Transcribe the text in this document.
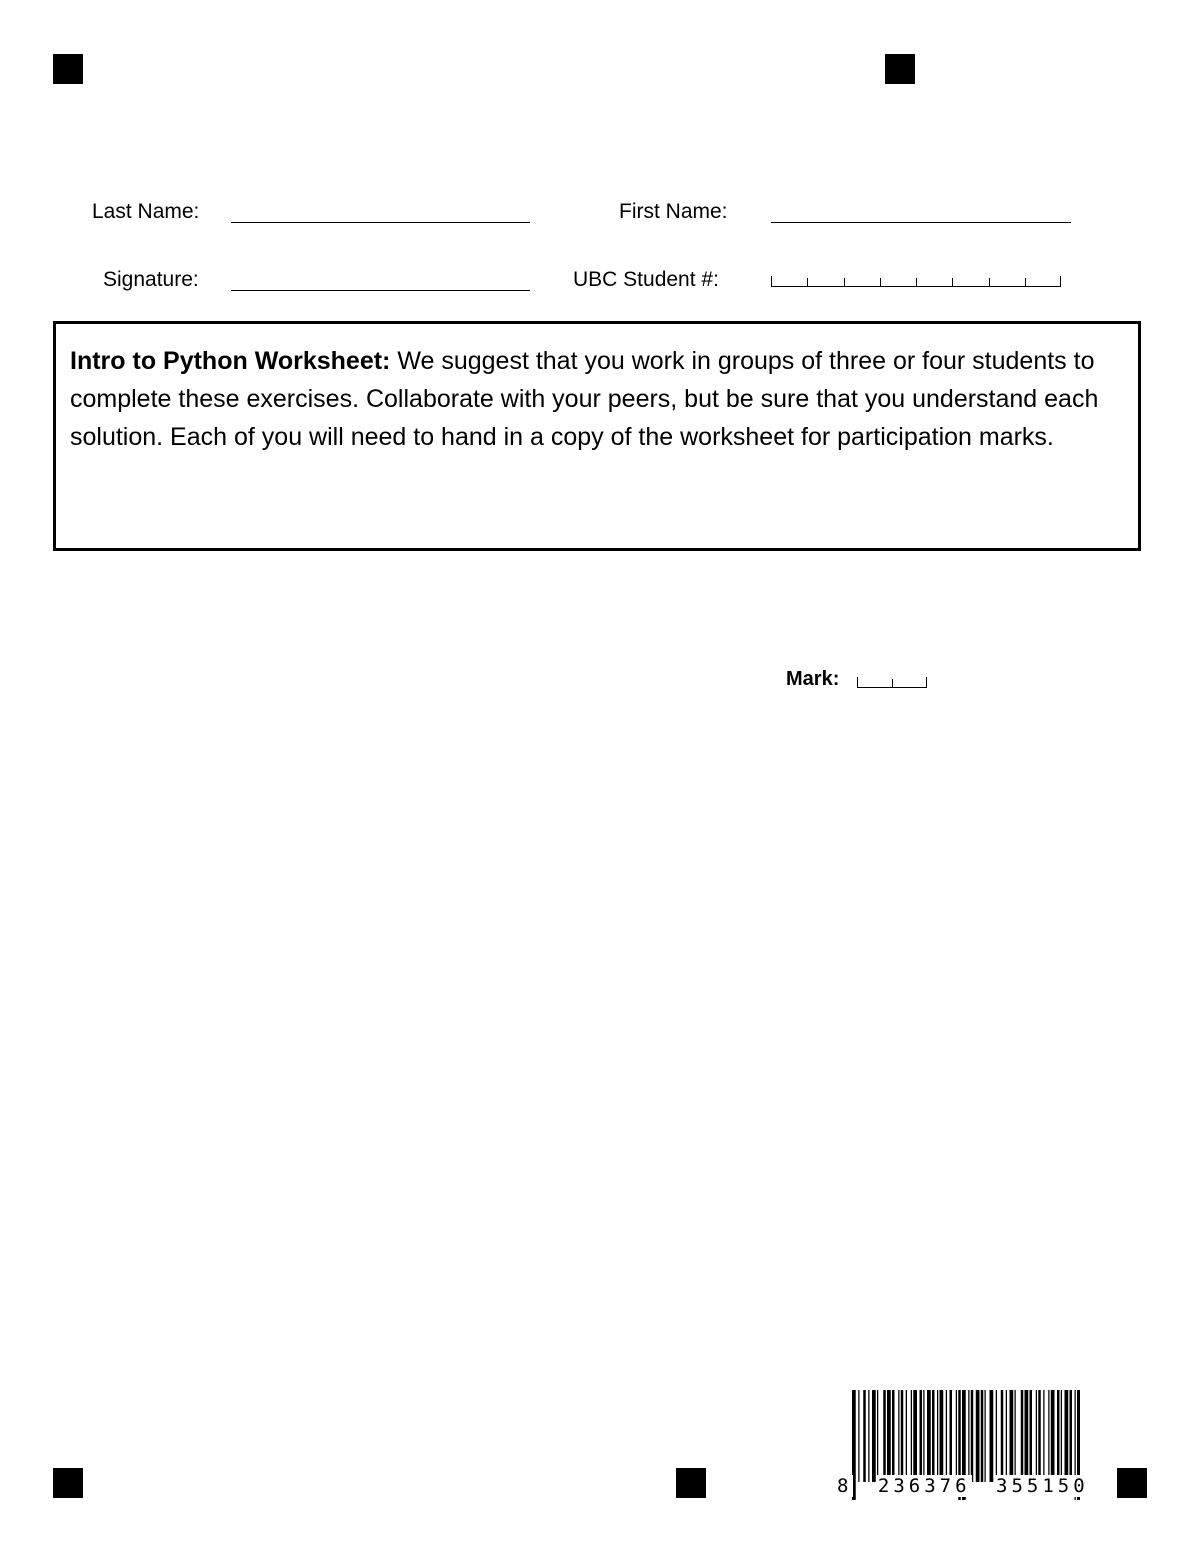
Last Name:	First Name:
Signature:	UBC Student #:
Intro to Python Worksheet: We suggest that you work in groups of three or four students to complete these exercises. Collaborate with your peers, but be sure that you understand each solution. Each of you will need to hand in a copy of the worksheet for participation marks.
Mark:
8 236376 355150
